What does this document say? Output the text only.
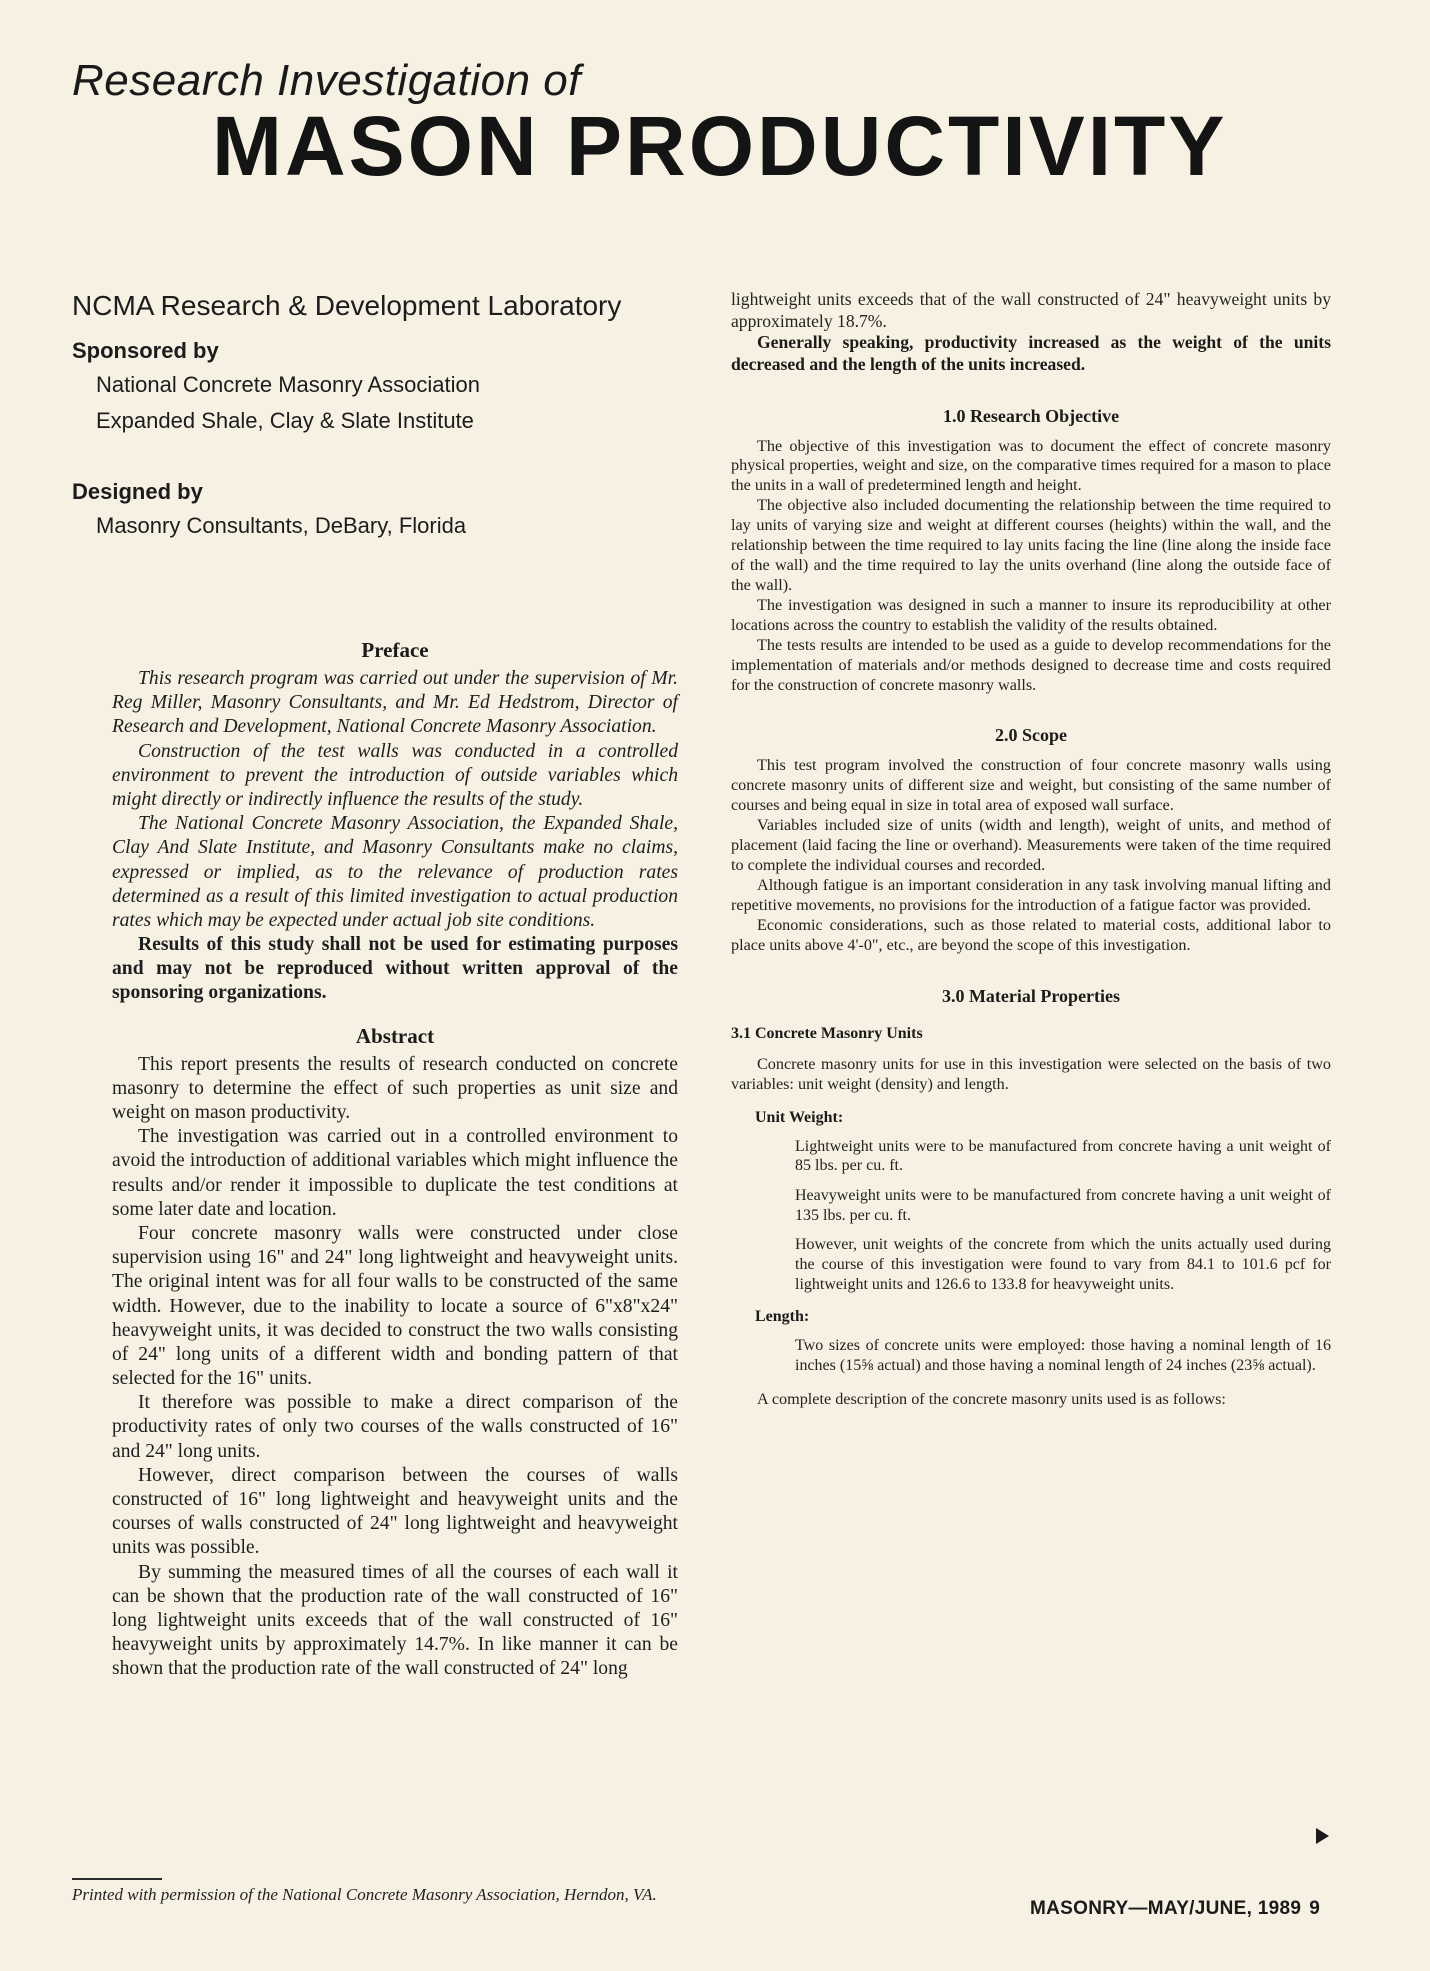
Research Investigation of
MASON PRODUCTIVITY
NCMA Research & Development Laboratory
Sponsored by
National Concrete Masonry Association
Expanded Shale, Clay & Slate Institute
Designed by
Masonry Consultants, DeBary, Florida
Preface

This research program was carried out under the supervision of Mr. Reg Miller, Masonry Consultants, and Mr. Ed Hedstrom, Director of Research and Development, National Concrete Masonry Association.

Construction of the test walls was conducted in a controlled environment to prevent the introduction of outside variables which might directly or indirectly influence the results of the study.

The National Concrete Masonry Association, the Expanded Shale, Clay And Slate Institute, and Masonry Consultants make no claims, expressed or implied, as to the relevance of production rates determined as a result of this limited investigation to actual production rates which may be expected under actual job site conditions.

Results of this study shall not be used for estimating purposes and may not be reproduced without written approval of the sponsoring organizations.

Abstract

This report presents the results of research conducted on concrete masonry to determine the effect of such properties as unit size and weight on mason productivity.

The investigation was carried out in a controlled environment to avoid the introduction of additional variables which might influence the results and/or render it impossible to duplicate the test conditions at some later date and location.

Four concrete masonry walls were constructed under close supervision using 16" and 24" long lightweight and heavyweight units. The original intent was for all four walls to be constructed of the same width. However, due to the inability to locate a source of 6"x8"x24" heavyweight units, it was decided to construct the two walls consisting of 24" long units of a different width and bonding pattern of that selected for the 16" units.

It therefore was possible to make a direct comparison of the productivity rates of only two courses of the walls constructed of 16" and 24" long units.

However, direct comparison between the courses of walls constructed of 16" long lightweight and heavyweight units and the courses of walls constructed of 24" long lightweight and heavyweight units was possible.

By summing the measured times of all the courses of each wall it can be shown that the production rate of the wall constructed of 16" long lightweight units exceeds that of the wall constructed of 16" heavyweight units by approximately 14.7%. In like manner it can be shown that the production rate of the wall constructed of 24" long

lightweight units exceeds that of the wall constructed of 24" heavyweight units by approximately 18.7%.

Generally speaking, productivity increased as the weight of the units decreased and the length of the units increased.

1.0 Research Objective

The objective of this investigation was to document the effect of concrete masonry physical properties, weight and size, on the comparative times required for a mason to place the units in a wall of predetermined length and height.

The objective also included documenting the relationship between the time required to lay units of varying size and weight at different courses (heights) within the wall, and the relationship between the time required to lay units facing the line (line along the inside face of the wall) and the time required to lay the units overhand (line along the outside face of the wall).

The investigation was designed in such a manner to insure its reproducibility at other locations across the country to establish the validity of the results obtained.

The tests results are intended to be used as a guide to develop recommendations for the implementation of materials and/or methods designed to decrease time and costs required for the construction of concrete masonry walls.

2.0 Scope

This test program involved the construction of four concrete masonry walls using concrete masonry units of different size and weight, but consisting of the same number of courses and being equal in size in total area of exposed wall surface.

Variables included size of units (width and length), weight of units, and method of placement (laid facing the line or overhand). Measurements were taken of the time required to complete the individual courses and recorded.

Although fatigue is an important consideration in any task involving manual lifting and repetitive movements, no provisions for the introduction of a fatigue factor was provided.

Economic considerations, such as those related to material costs, additional labor to place units above 4'-0", etc., are beyond the scope of this investigation.

3.0 Material Properties
3.1 Concrete Masonry Units

Concrete masonry units for use in this investigation were selected on the basis of two variables: unit weight (density) and length.

Unit Weight:

Lightweight units were to be manufactured from concrete having a unit weight of 85 lbs. per cu. ft.

Heavyweight units were to be manufactured from concrete having a unit weight of 135 lbs. per cu. ft.

However, unit weights of the concrete from which the units actually used during the course of this investigation were found to vary from 84.1 to 101.6 pcf for lightweight units and 126.6 to 133.8 for heavyweight units.

Length:

Two sizes of concrete units were employed: those having a nominal length of 16 inches (15⅝ actual) and those having a nominal length of 24 inches (23⅝ actual).

A complete description of the concrete masonry units used is as follows:

Printed with permission of the National Concrete Masonry Association, Herndon, VA.
MASONRY—MAY/JUNE, 1989 9
